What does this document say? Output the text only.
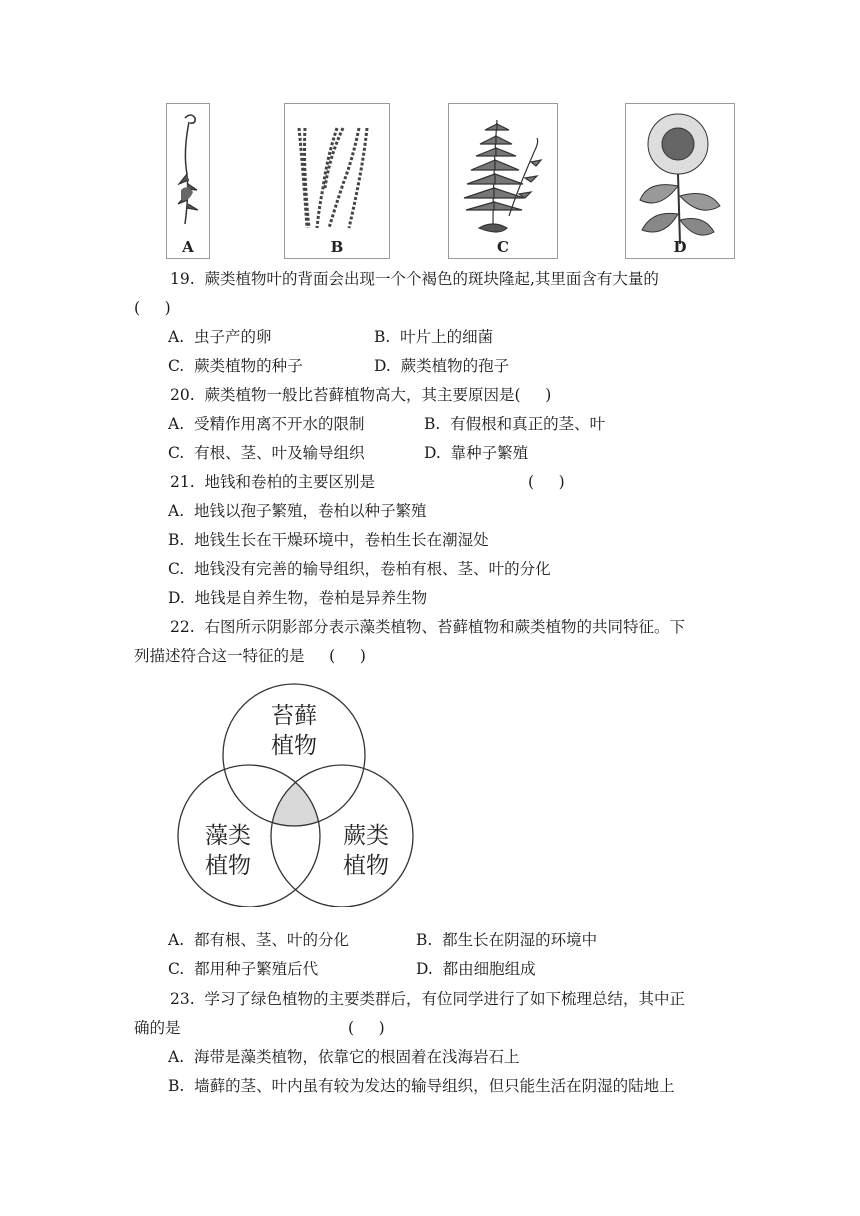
A	B	C	D
19.  蕨类植物叶的背面会出现一个个褐色的斑块隆起,其里面含有大量的
(     )
A.  虫子产的卵	B.  叶片上的细菌
C.  蕨类植物的种子	D.  蕨类植物的孢子
20.  蕨类植物一般比苔藓植物高大，其主要原因是(     )
A.  受精作用离不开水的限制	B.  有假根和真正的茎、叶
C.  有根、茎、叶及输导组织	D.  靠种子繁殖
21.  地钱和卷柏的主要区别是	(     )
A.  地钱以孢子繁殖，卷柏以种子繁殖
B.  地钱生长在干燥环境中，卷柏生长在潮湿处
C.  地钱没有完善的输导组织，卷柏有根、茎、叶的分化
D.  地钱是自养生物，卷柏是异养生物
22.  右图所示阴影部分表示藻类植物、苔藓植物和蕨类植物的共同特征。下
列描述符合这一特征的是     (     )
苔藓
植物
藻类
植物
蕨类
植物
A.  都有根、茎、叶的分化	B.  都生长在阴湿的环境中
C.  都用种子繁殖后代	D.  都由细胞组成
23.  学习了绿色植物的主要类群后，有位同学进行了如下梳理总结，其中正
确的是	(     )
A.  海带是藻类植物，依靠它的根固着在浅海岩石上
B.  墙藓的茎、叶内虽有较为发达的输导组织，但只能生活在阴湿的陆地上
